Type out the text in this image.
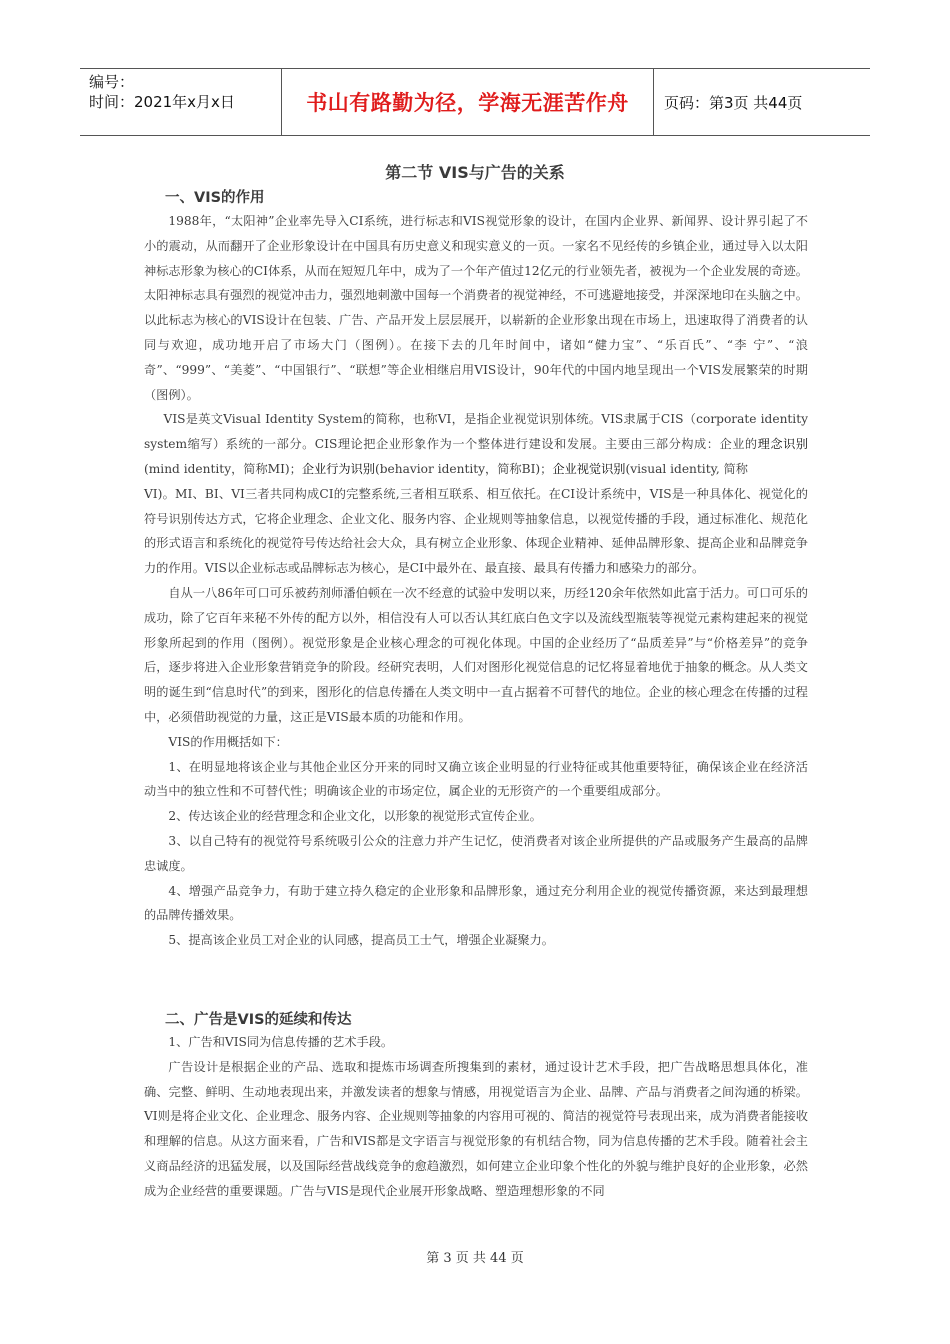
编号：
时间：2021年x月x日	书山有路勤为径，学海无涯苦作舟	页码：第3页 共44页
第二节 VIS与广告的关系
一、VIS的作用

1988年，“太阳神”企业率先导入CI系统，进行标志和VIS视觉形象的设计，在国内企业界、新闻界、设计界引起了不小的震动，从而翻开了企业形象设计在中国具有历史意义和现实意义的一页。一家名不见经传的乡镇企业，通过导入以太阳神标志形象为核心的CI体系，从而在短短几年中，成为了一个年产值过12亿元的行业领先者，被视为一个企业发展的奇迹。太阳神标志具有强烈的视觉冲击力，强烈地刺激中国每一个消费者的视觉神经，不可逃避地接受，并深深地印在头脑之中。以此标志为核心的VIS设计在包装、广告、产品开发上层层展开，以崭新的企业形象出现在市场上，迅速取得了消费者的认同与欢迎，成功地开启了市场大门（图例）。在接下去的几年时间中，诸如“健力宝”、“乐百氏”、“李 宁”、“浪奇”、“999”、“美菱”、“中国银行”、“联想”等企业相继启用VIS设计，90年代的中国内地呈现出一个VIS发展繁荣的时期（图例）。

VIS是英文Visual Identity System的简称，也称VI，是指企业视觉识别体统。VIS隶属于CIS（corporate identity system缩写）系统的一部分。CIS理论把企业形象作为一个整体进行建设和发展。主要由三部分构成：企业的理念识别(mind identity，简称MI)；企业行为识别(behavior identity，简称BI)；企业视觉识别(visual identity, 简称

VI)。MI、BI、VI三者共同构成CI的完整系统,三者相互联系、相互依托。在CI设计系统中，VIS是一种具体化、视觉化的符号识别传达方式，它将企业理念、企业文化、服务内容、企业规则等抽象信息，以视觉传播的手段，通过标准化、规范化的形式语言和系统化的视觉符号传达给社会大众，具有树立企业形象、体现企业精神、延伸品牌形象、提高企业和品牌竞争力的作用。VIS以企业标志或品牌标志为核心，是CI中最外在、最直接、最具有传播力和感染力的部分。

自从一八86年可口可乐被药剂师潘伯顿在一次不经意的试验中发明以来，历经120余年依然如此富于活力。可口可乐的成功，除了它百年来秘不外传的配方以外，相信没有人可以否认其红底白色文字以及流线型瓶装等视觉元素构建起来的视觉形象所起到的作用（图例）。视觉形象是企业核心理念的可视化体现。中国的企业经历了“品质差异”与“价格差异”的竞争后，逐步将进入企业形象营销竞争的阶段。经研究表明，人们对图形化视觉信息的记忆将显着地优于抽象的概念。从人类文明的诞生到“信息时代”的到来，图形化的信息传播在人类文明中一直占据着不可替代的地位。企业的核心理念在传播的过程中，必须借助视觉的力量，这正是VIS最本质的功能和作用。

VIS的作用概括如下：

1、在明显地将该企业与其他企业区分开来的同时又确立该企业明显的行业特征或其他重要特征，确保该企业在经济活动当中的独立性和不可替代性；明确该企业的市场定位，属企业的无形资产的一个重要组成部分。

2、传达该企业的经营理念和企业文化，以形象的视觉形式宣传企业。

3、以自己特有的视觉符号系统吸引公众的注意力并产生记忆，使消费者对该企业所提供的产品或服务产生最高的品牌忠诚度。

4、增强产品竞争力，有助于建立持久稳定的企业形象和品牌形象，通过充分利用企业的视觉传播资源，来达到最理想的品牌传播效果。

5、提高该企业员工对企业的认同感，提高员工士气，增强企业凝聚力。

二、广告是VIS的延续和传达

1、广告和VIS同为信息传播的艺术手段。

广告设计是根据企业的产品、选取和提炼市场调查所搜集到的素材，通过设计艺术手段，把广告战略思想具体化，准确、完整、鲜明、生动地表现出来，并激发读者的想象与情感，用视觉语言为企业、品牌、产品与消费者之间沟通的桥梁。VI则是将企业文化、企业理念、服务内容、企业规则等抽象的内容用可视的、简洁的视觉符号表现出来，成为消费者能接收和理解的信息。从这方面来看，广告和VIS都是文字语言与视觉形象的有机结合物，同为信息传播的艺术手段。随着社会主义商品经济的迅猛发展，以及国际经营战线竞争的愈趋激烈，如何建立企业印象个性化的外貌与维护良好的企业形象，必然成为企业经营的重要课题。广告与VIS是现代企业展开形象战略、塑造理想形象的不同

第 3 页 共 44 页
